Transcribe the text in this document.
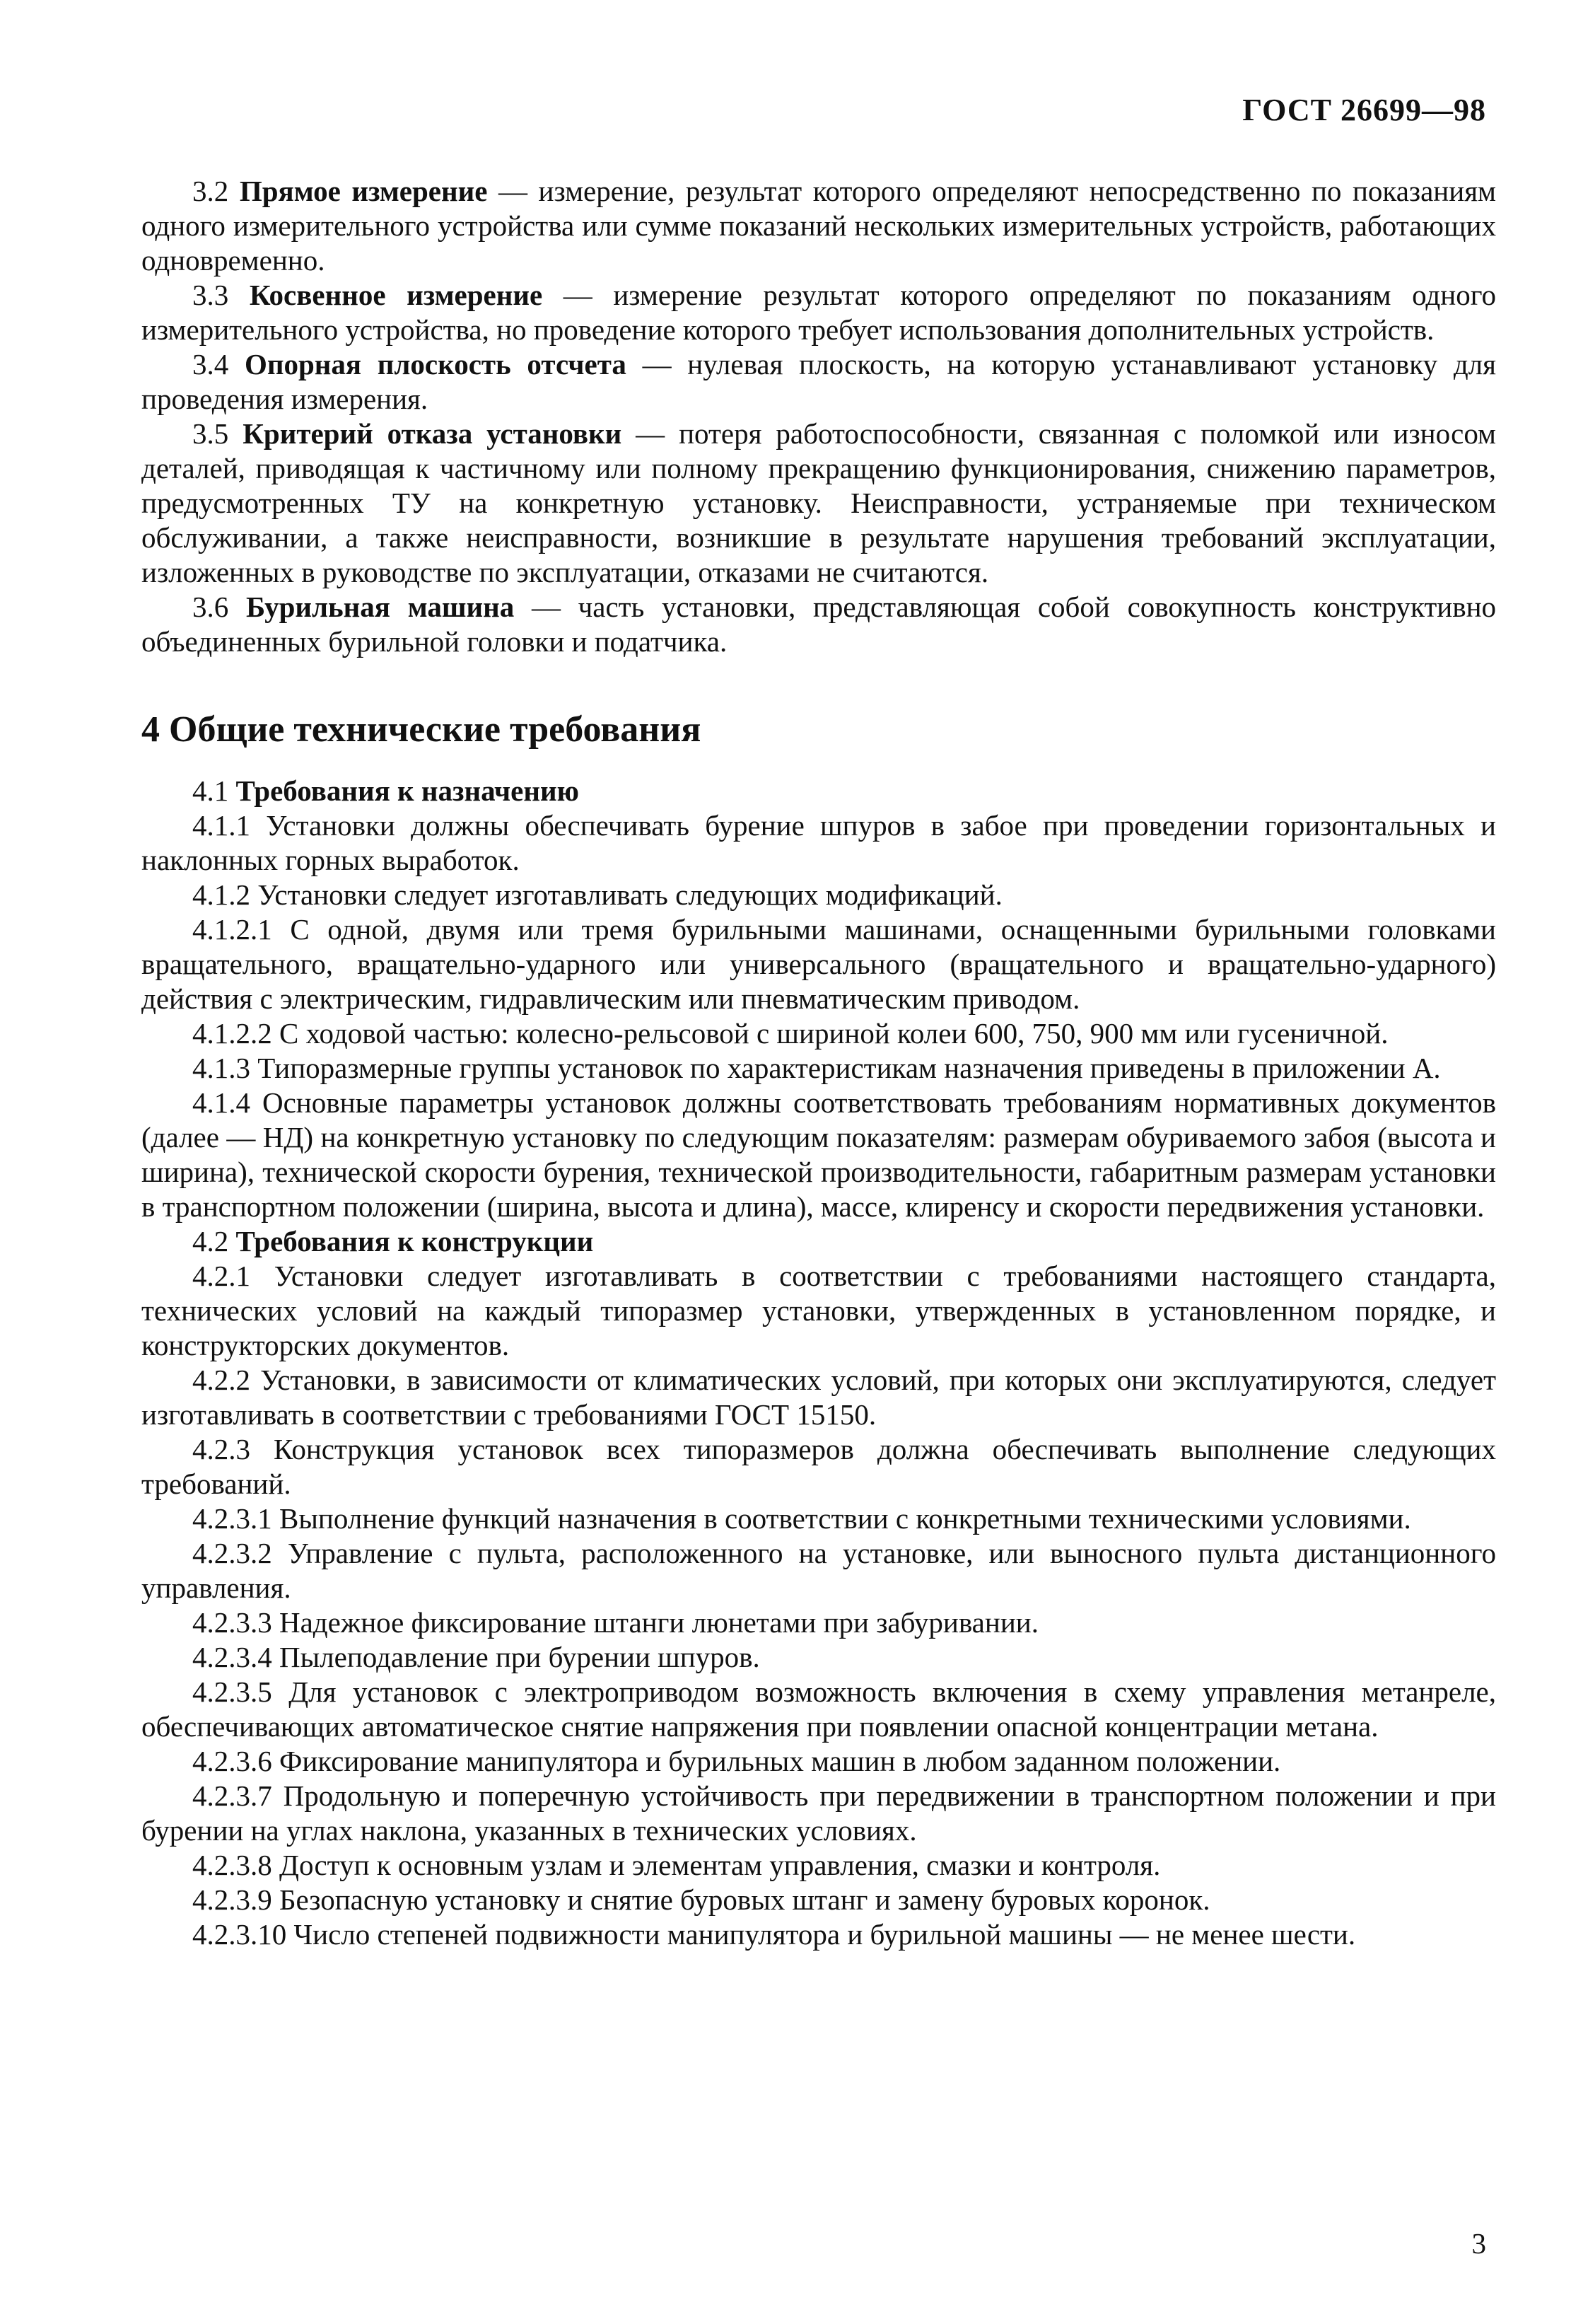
ГОСТ 26699—98

3.2 Прямое измерение — измерение, результат которого определяют непосредственно по показаниям одного измерительного устройства или сумме показаний нескольких измерительных устройств, работающих одновременно.

3.3 Косвенное измерение — измерение результат которого определяют по показаниям одного измерительного устройства, но проведение которого требует использования дополнительных устройств.

3.4 Опорная плоскость отсчета — нулевая плоскость, на которую устанавливают установку для проведения измерения.

3.5 Критерий отказа установки — потеря работоспособности, связанная с поломкой или износом деталей, приводящая к частичному или полному прекращению функционирования, снижению параметров, предусмотренных ТУ на конкретную установку. Неисправности, устраняемые при техническом обслуживании, а также неисправности, возникшие в результате нарушения требований эксплуатации, изложенных в руководстве по эксплуатации, отказами не считаются.

3.6 Бурильная машина — часть установки, представляющая собой совокупность конструктивно объединенных бурильной головки и податчика.

4 Общие технические требования

4.1 Требования к назначению

4.1.1 Установки должны обеспечивать бурение шпуров в забое при проведении горизонтальных и наклонных горных выработок.

4.1.2 Установки следует изготавливать следующих модификаций.

4.1.2.1 С одной, двумя или тремя бурильными машинами, оснащенными бурильными головками вращательного, вращательно-ударного или универсального (вращательного и вращательно-ударного) действия с электрическим, гидравлическим или пневматическим приводом.

4.1.2.2 С ходовой частью: колесно-рельсовой с шириной колеи 600, 750, 900 мм или гусеничной.

4.1.3 Типоразмерные группы установок по характеристикам назначения приведены в приложении А.

4.1.4 Основные параметры установок должны соответствовать требованиям нормативных документов (далее — НД) на конкретную установку по следующим показателям: размерам обуриваемого забоя (высота и ширина), технической скорости бурения, технической производительности, габаритным размерам установки в транспортном положении (ширина, высота и длина), массе, клиренсу и скорости передвижения установки.

4.2 Требования к конструкции

4.2.1 Установки следует изготавливать в соответствии с требованиями настоящего стандарта, технических условий на каждый типоразмер установки, утвержденных в установленном порядке, и конструкторских документов.

4.2.2 Установки, в зависимости от климатических условий, при которых они эксплуатируются, следует изготавливать в соответствии с требованиями ГОСТ 15150.

4.2.3 Конструкция установок всех типоразмеров должна обеспечивать выполнение следующих требований.

4.2.3.1 Выполнение функций назначения в соответствии с конкретными техническими условиями.

4.2.3.2 Управление с пульта, расположенного на установке, или выносного пульта дистанционного управления.

4.2.3.3 Надежное фиксирование штанги люнетами при забуривании.

4.2.3.4 Пылеподавление при бурении шпуров.

4.2.3.5 Для установок с электроприводом возможность включения в схему управления метанреле, обеспечивающих автоматическое снятие напряжения при появлении опасной концентрации метана.

4.2.3.6 Фиксирование манипулятора и бурильных машин в любом заданном положении.

4.2.3.7 Продольную и поперечную устойчивость при передвижении в транспортном положении и при бурении на углах наклона, указанных в технических условиях.

4.2.3.8 Доступ к основным узлам и элементам управления, смазки и контроля.

4.2.3.9 Безопасную установку и снятие буровых штанг и замену буровых коронок.

4.2.3.10 Число степеней подвижности манипулятора и бурильной машины — не менее шести.

3
